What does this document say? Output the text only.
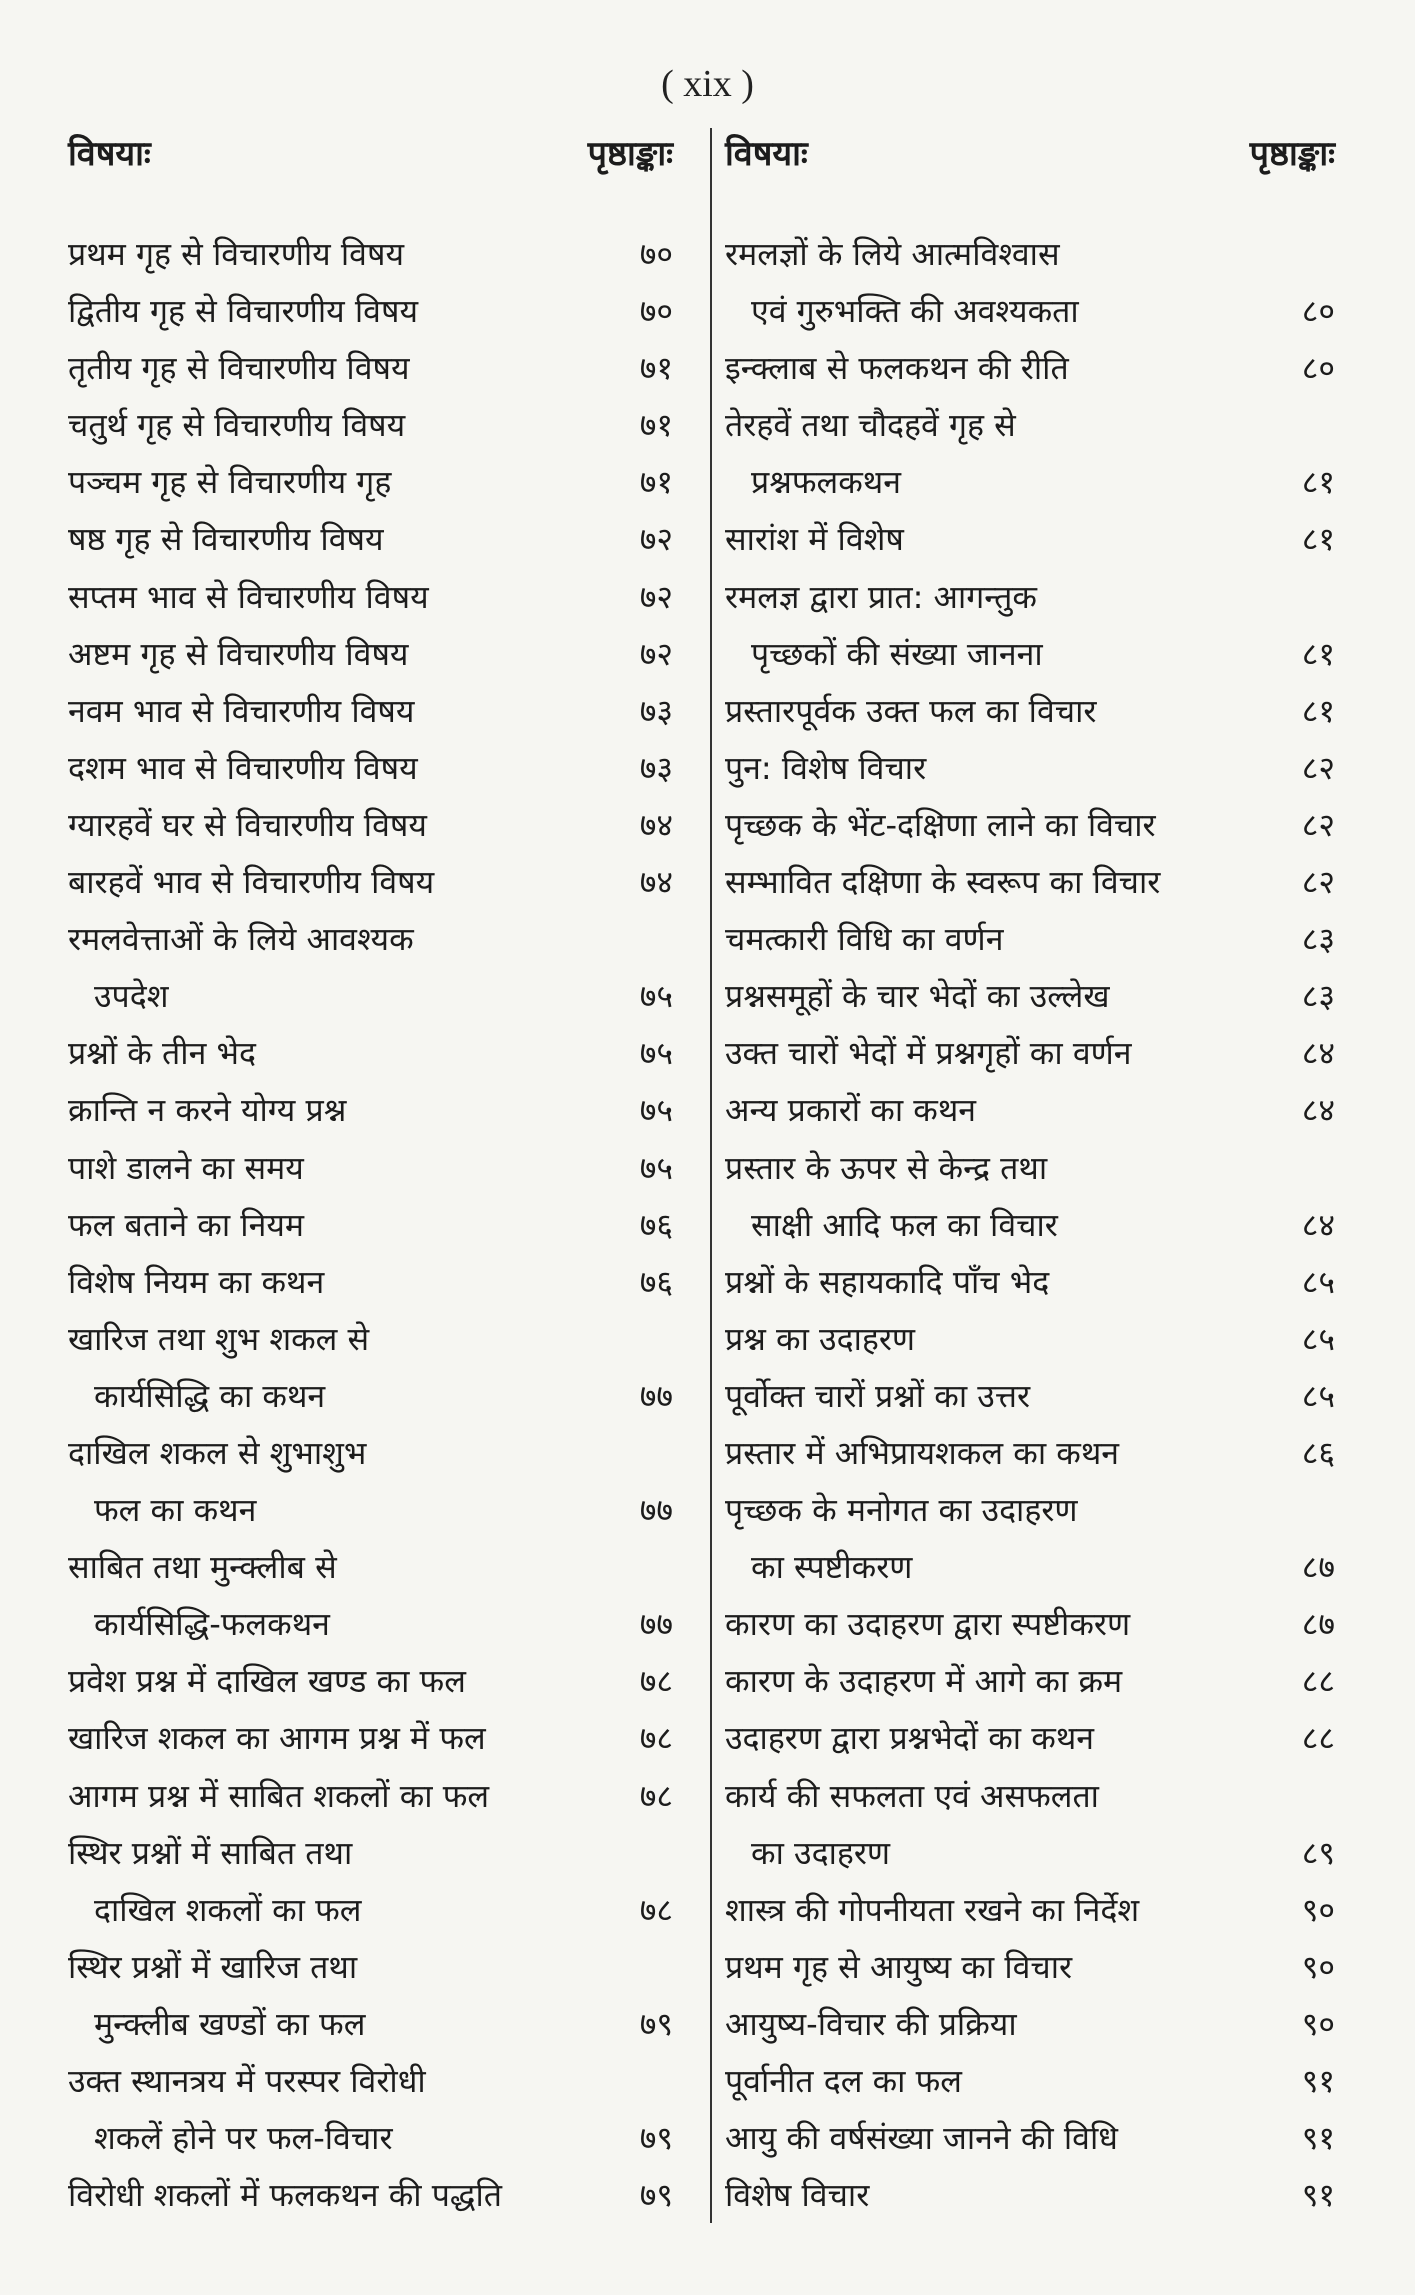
( xix )
विषयाः	पृष्ठाङ्काः
प्रथम गृह से विचारणीय विषय	७०
द्वितीय गृह से विचारणीय विषय	७०
तृतीय गृह से विचारणीय विषय	७१
चतुर्थ गृह से विचारणीय विषय	७१
पञ्चम गृह से विचारणीय गृह	७१
षष्ठ गृह से विचारणीय विषय	७२
सप्तम भाव से विचारणीय विषय	७२
अष्टम गृह से विचारणीय विषय	७२
नवम भाव से विचारणीय विषय	७३
दशम भाव से विचारणीय विषय	७३
ग्यारहवें घर से विचारणीय विषय	७४
बारहवें भाव से विचारणीय विषय	७४
रमलवेत्ताओं के लिये आवश्यक
उपदेश	७५
प्रश्नों के तीन भेद	७५
क्रान्ति न करने योग्य प्रश्न	७५
पाशे डालने का समय	७५
फल बताने का नियम	७६
विशेष नियम का कथन	७६
खारिज तथा शुभ शकल से
कार्यसिद्धि का कथन	७७
दाखिल शकल से शुभाशुभ
फल का कथन	७७
साबित तथा मुन्क्लीब से
कार्यसिद्धि-फलकथन	७७
प्रवेश प्रश्न में दाखिल खण्ड का फल	७८
खारिज शकल का आगम प्रश्न में फल	७८
आगम प्रश्न में साबित शकलों का फल	७८
स्थिर प्रश्नों में साबित तथा
दाखिल शकलों का फल	७८
स्थिर प्रश्नों में खारिज तथा
मुन्क्लीब खण्डों का फल	७९
उक्त स्थानत्रय में परस्पर विरोधी
शकलें होने पर फल-विचार	७९
विरोधी शकलों में फलकथन की पद्धति	७९
विषयाः	पृष्ठाङ्काः
रमलज्ञों के लिये आत्मविश्वास
एवं गुरुभक्ति की अवश्यकता	८०
इन्क्लाब से फलकथन की रीति	८०
तेरहवें तथा चौदहवें गृह से
प्रश्नफलकथन	८१
सारांश में विशेष	८१
रमलज्ञ द्वारा प्रात: आगन्तुक
पृच्छकों की संख्या जानना	८१
प्रस्तारपूर्वक उक्त फल का विचार	८१
पुन: विशेष विचार	८२
पृच्छक के भेंट-दक्षिणा लाने का विचार	८२
सम्भावित दक्षिणा के स्वरूप का विचार	८२
चमत्कारी विधि का वर्णन	८३
प्रश्नसमूहों के चार भेदों का उल्लेख	८३
उक्त चारों भेदों में प्रश्नगृहों का वर्णन	८४
अन्य प्रकारों का कथन	८४
प्रस्तार के ऊपर से केन्द्र तथा
साक्षी आदि फल का विचार	८४
प्रश्नों के सहायकादि पाँच भेद	८५
प्रश्न का उदाहरण	८५
पूर्वोक्त चारों प्रश्नों का उत्तर	८५
प्रस्तार में अभिप्रायशकल का कथन	८६
पृच्छक के मनोगत का उदाहरण
का स्पष्टीकरण	८७
कारण का उदाहरण द्वारा स्पष्टीकरण	८७
कारण के उदाहरण में आगे का क्रम	८८
उदाहरण द्वारा प्रश्नभेदों का कथन	८८
कार्य की सफलता एवं असफलता
का उदाहरण	८९
शास्त्र की गोपनीयता रखने का निर्देश	९०
प्रथम गृह से आयुष्य का विचार	९०
आयुष्य-विचार की प्रक्रिया	९०
पूर्वानीत दल का फल	९१
आयु की वर्षसंख्या जानने की विधि	९१
विशेष विचार	९१
